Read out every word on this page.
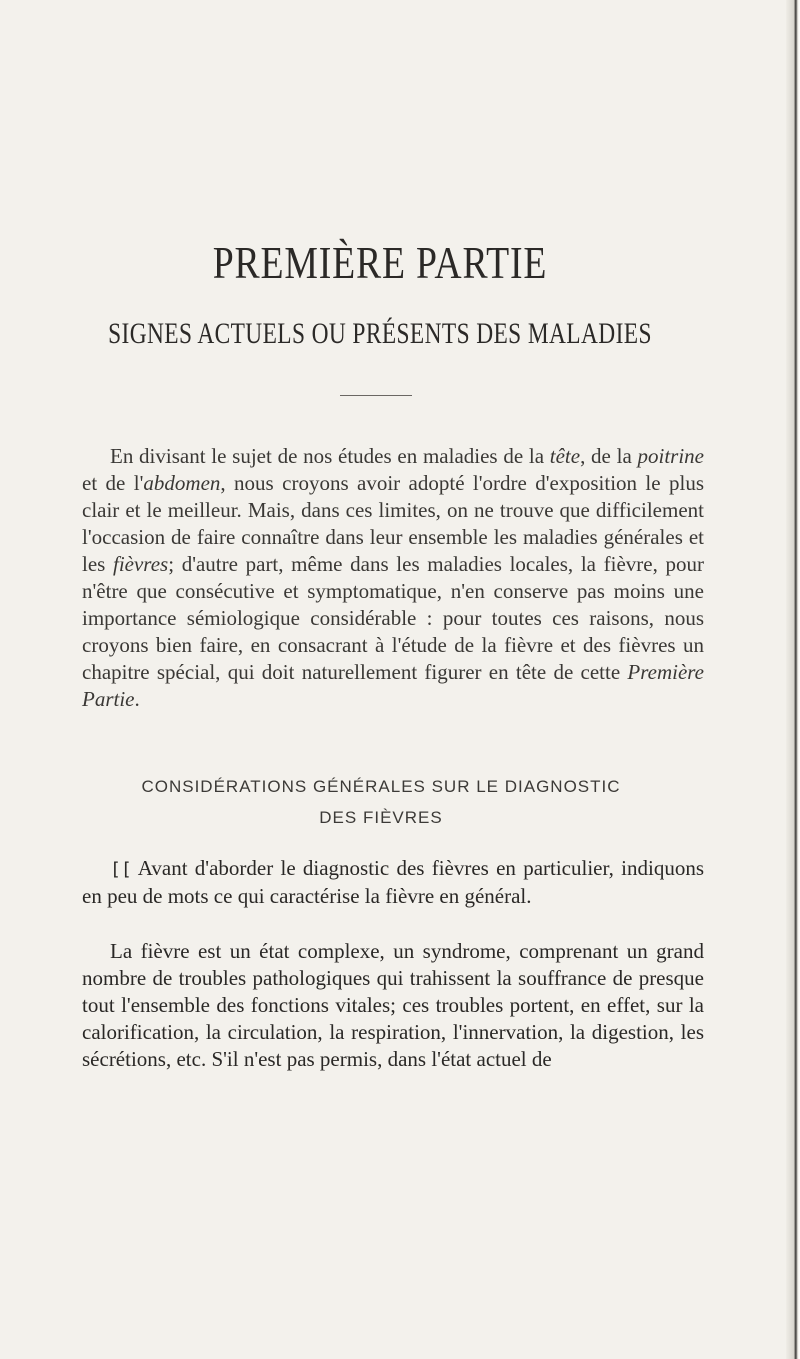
PREMIÈRE PARTIE
SIGNES ACTUELS OU PRÉSENTS DES MALADIES

En divisant le sujet de nos études en maladies de la tête, de la poitrine et de l'abdomen, nous croyons avoir adopté l'ordre d'exposition le plus clair et le meilleur. Mais, dans ces limites, on ne trouve que difficilement l'occasion de faire connaître dans leur ensemble les maladies générales et les fièvres; d'autre part, même dans les maladies locales, la fièvre, pour n'être que consécutive et symptomatique, n'en conserve pas moins une importance sémiologique considérable : pour toutes ces raisons, nous croyons bien faire, en consacrant à l'étude de la fièvre et des fièvres un chapitre spécial, qui doit naturellement figurer en tête de cette Première Partie.

CONSIDÉRATIONS GÉNÉRALES SUR LE DIAGNOSTIC
DES FIÈVRES

[[ Avant d'aborder le diagnostic des fièvres en particulier, indiquons en peu de mots ce qui caractérise la fièvre en général.

La fièvre est un état complexe, un syndrome, comprenant un grand nombre de troubles pathologiques qui trahissent la souffrance de presque tout l'ensemble des fonctions vitales; ces troubles portent, en effet, sur la calorification, la circulation, la respiration, l'innervation, la digestion, les sécrétions, etc. S'il n'est pas permis, dans l'état actuel de
